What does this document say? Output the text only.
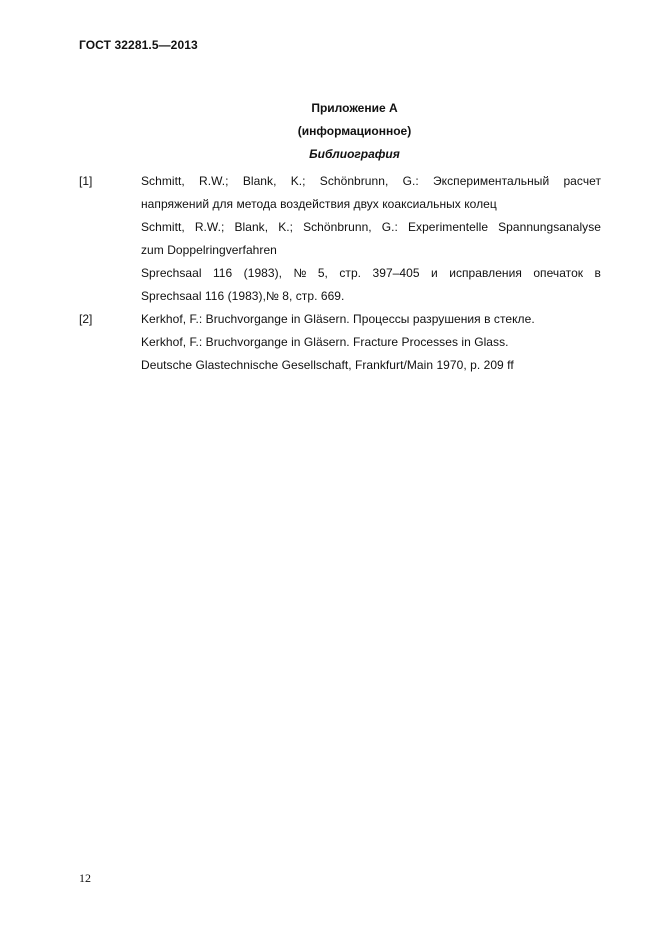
ГОСТ 32281.5—2013
Приложение А
(информационное)
Библиография
[1]	Schmitt, R.W.; Blank, K.; Schönbrunn, G.: Экспериментальный расчет
напряжений для метода воздействия двух коаксиальных колец
Schmitt, R.W.; Blank, K.; Schönbrunn, G.: Experimentelle Spannungsanalyse
zum Doppelringverfahren
Sprechsaal 116 (1983), № 5, стр. 397–405 и исправления опечаток в
Sprechsaal 116 (1983),№ 8, стр. 669.
[2]	Kerkhof, F.: Bruchvorgange in Gläsern. Процессы разрушения в стекле.
Kerkhof, F.: Bruchvorgange in Gläsern. Fracture Processes in Glass.
Deutsche Glastechnische Gesellschaft, Frankfurt/Main 1970, p. 209 ff
12
